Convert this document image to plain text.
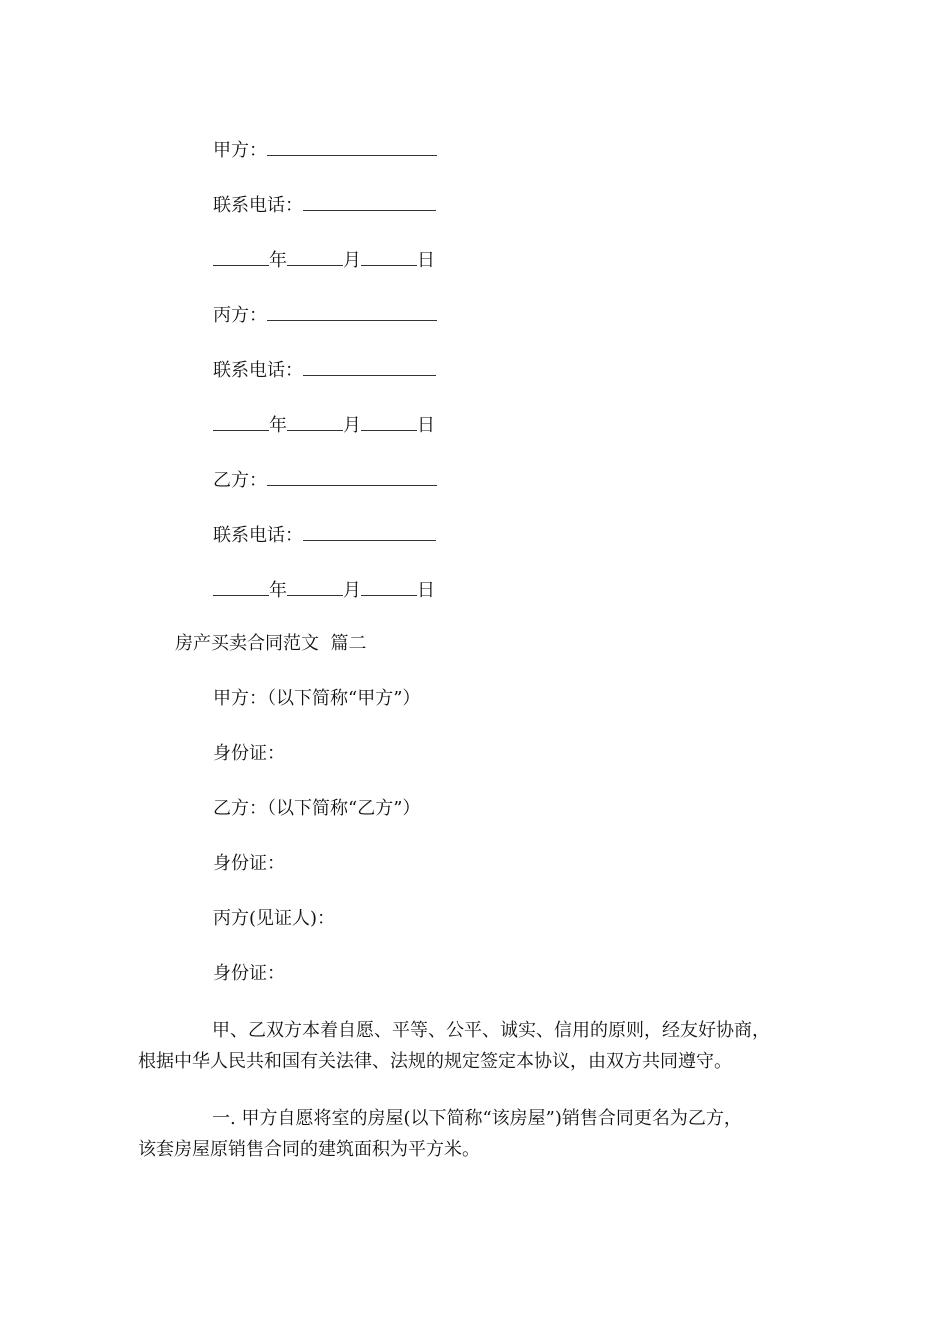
甲方：
联系电话：
年	月	日
丙方：
联系电话：
年	月	日
乙方：
联系电话：
年	月	日
房产买卖合同范文  篇二
甲方：（以下简称“甲方”）
身份证：
乙方：（以下简称“乙方”）
身份证：
丙方(见证人)：
身份证：
甲、乙双方本着自愿、平等、公平、诚实、信用的原则，经友好协商，
根据中华人民共和国有关法律、法规的规定签定本协议，由双方共同遵守。
一. 甲方自愿将室的房屋(以下简称“该房屋”)销售合同更名为乙方，
该套房屋原销售合同的建筑面积为平方米。
